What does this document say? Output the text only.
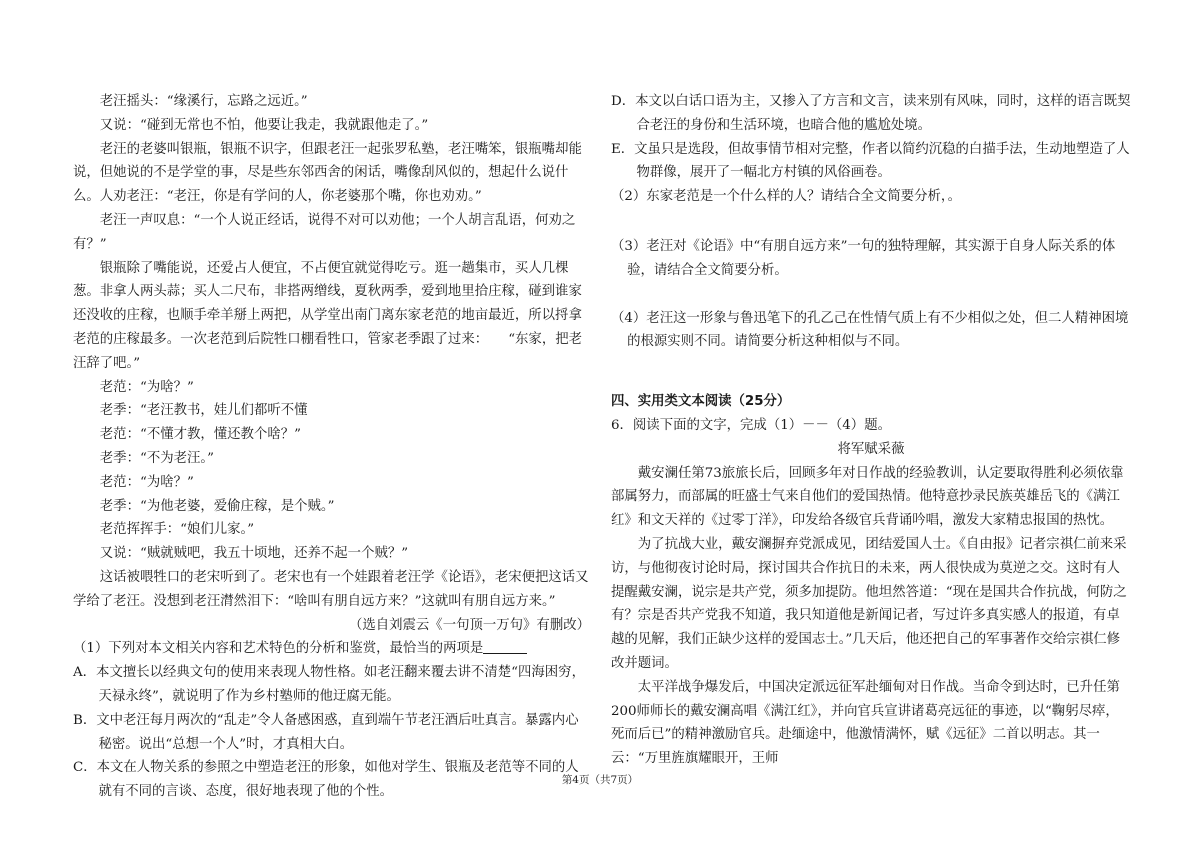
老汪摇头：“缘溪行，忘路之远近。”

又说：“碰到无常也不怕，他要让我走，我就跟他走了。”

老汪的老婆叫银瓶，银瓶不识字，但跟老汪一起张罗私塾，老汪嘴笨，银瓶嘴却能说，但她说的不是学堂的事，尽是些东邻西舍的闲话，嘴像刮风似的，想起什么说什么。人劝老汪：“老汪，你是有学问的人，你老婆那个嘴，你也劝劝。”

老汪一声叹息：“一个人说正经话，说得不对可以劝他；一个人胡言乱语，何劝之有？”

银瓶除了嘴能说，还爱占人便宜，不占便宜就觉得吃亏。逛一趟集市，买人几棵葱。非拿人两头蒜；买人二尺布，非搭两缯线，夏秋两季，爱到地里拾庄稼，碰到谁家还没收的庄稼，也顺手牵羊掰上两把，从学堂出南门离东家老范的地亩最近，所以捋拿老范的庄稼最多。一次老范到后院牲口棚看牲口，管家老季跟了过来：　　“东家，把老汪辞了吧。”

老范：“为啥？”

老季：“老汪教书，娃儿们都听不懂

老范：“不懂才教，懂还教个啥？”

老季：“不为老汪。”

老范：“为啥？”

老季：“为他老婆，爱偷庄稼，是个贼。”

老范挥挥手：“娘们儿家。”

又说：“贼就贼吧，我五十顷地，还养不起一个贼？”

这话被喂牲口的老宋听到了。老宋也有一个娃跟着老汪学《论语》，老宋便把这话又学给了老汪。没想到老汪潸然泪下：“啥叫有朋自远方来？”这就叫有朋自远方来。”

（选自刘震云《一句顶一万句》有删改）

（1）下列对本文相关内容和艺术特色的分析和鉴赏，最恰当的两项是

A．本文擅长以经典文句的使用来表现人物性格。如老汪翻来覆去讲不清楚“四海困穷，天禄永终”，就说明了作为乡村塾师的他迂腐无能。

B．文中老汪每月两次的“乱走”令人备感困惑，直到端午节老汪酒后吐真言。暴露内心秘密。说出“总想一个人”时，才真相大白。

C．本文在人物关系的参照之中塑造老汪的形象，如他对学生、银瓶及老范等不同的人就有不同的言谈、态度，很好地表现了他的个性。

D．本文以白话口语为主，又掺入了方言和文言，读来别有风味，同时，这样的语言既契合老汪的身份和生活环境，也暗合他的尴尬处境。

E．文虽只是选段，但故事情节相对完整，作者以简约沉稳的白描手法，生动地塑造了人物群像，展开了一幅北方村镇的风俗画卷。

（2）东家老范是一个什么样的人？请结合全文简要分析，。

（3）老汪对《论语》中“有朋自远方来”一句的独特理解，其实源于自身人际关系的体验，请结合全文简要分析。

（4）老汪这一形象与鲁迅笔下的孔乙己在性情气质上有不少相似之处，但二人精神困境的根源实则不同。请简要分析这种相似与不同。

四、实用类文本阅读（25分）

6．阅读下面的文字，完成（1）－－（4）题。

将军赋采薇

戴安澜任第73旅旅长后，回顾多年对日作战的经验教训，认定要取得胜利必须依靠部属努力，而部属的旺盛士气来自他们的爱国热情。他特意抄录民族英雄岳飞的《满江红》和文天祥的《过零丁洋》，印发给各级官兵背诵吟唱，激发大家精忠报国的热忱。

为了抗战大业，戴安澜摒弃党派成见，团结爱国人士。《自由报》记者宗祺仁前来采访，与他彻夜讨论时局，探讨国共合作抗日的未来，两人很快成为莫逆之交。这时有人提醒戴安澜，说宗是共产党，须多加提防。他坦然答道：“现在是国共合作抗战，何防之有？宗是否共产党我不知道，我只知道他是新闻记者，写过许多真实感人的报道，有卓越的见解，我们正缺少这样的爱国志士。”几天后，他还把自己的军事著作交给宗祺仁修改并题词。

太平洋战争爆发后，中国决定派远征军赴缅甸对日作战。当命令到达时，已升任第200师师长的戴安澜高唱《满江红》，并向官兵宣讲诸葛亮远征的事迹，以“鞠躬尽瘁，死而后已”的精神激励官兵。赴缅途中，他激情满怀，赋《远征》二首以明志。其一云：“万里旌旗耀眼开，王师

第4页（共7页）
